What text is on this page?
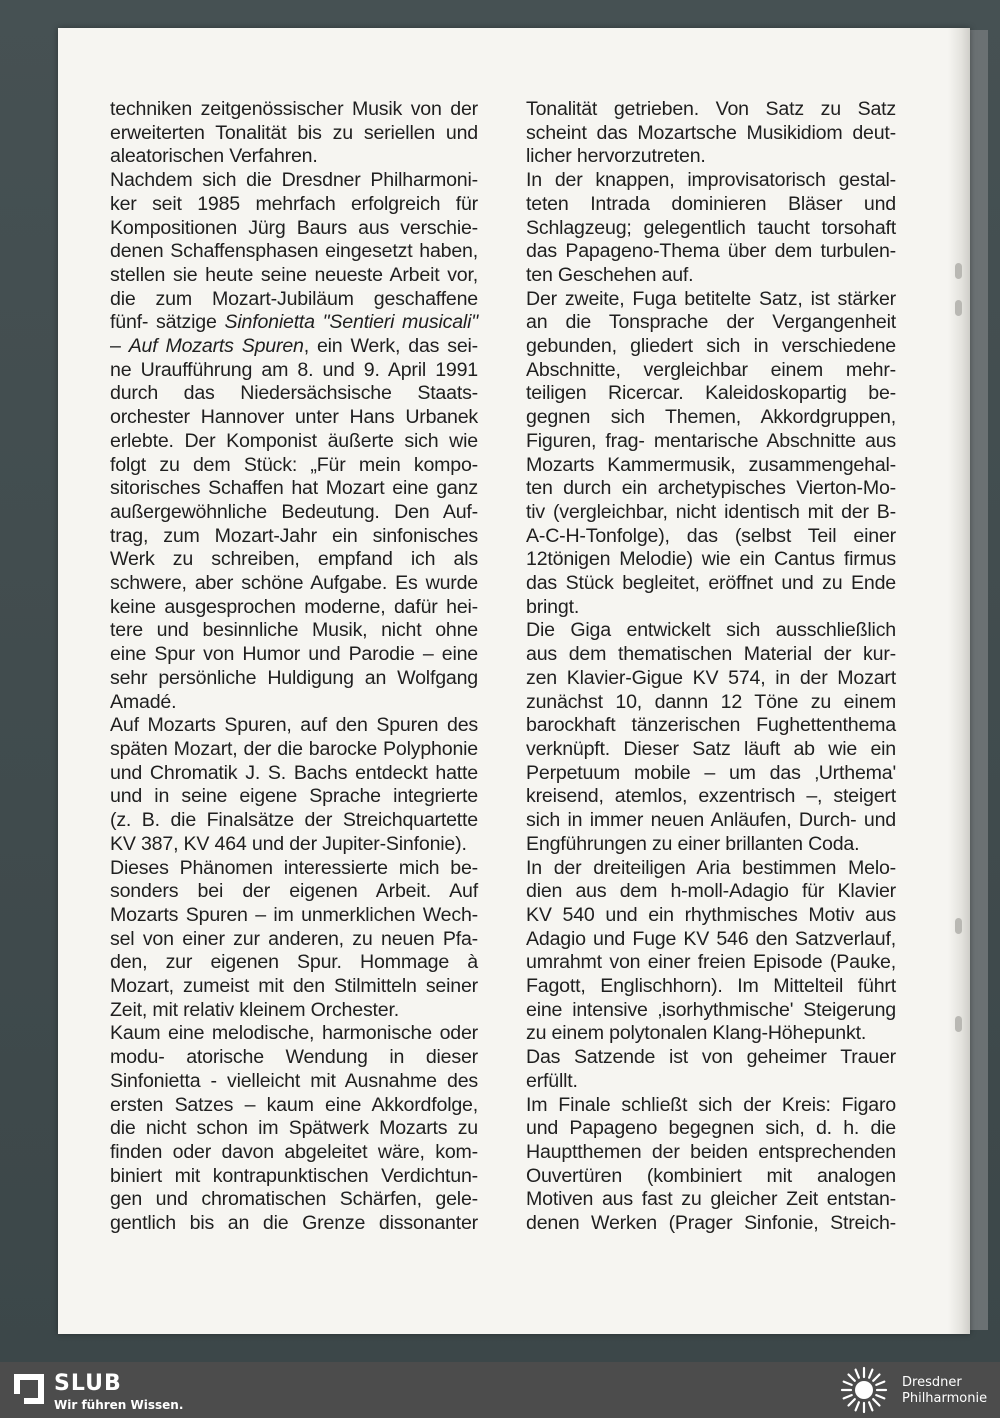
techniken zeitgenössischer Musik von der
erweiterten Tonalität bis zu seriellen und
aleatorischen Verfahren.
Nachdem sich die Dresdner Philharmoni-
ker seit 1985 mehrfach erfolgreich für
Kompositionen Jürg Baurs aus verschie-
denen Schaffensphasen eingesetzt haben,
stellen sie heute seine neueste Arbeit vor,
die zum Mozart-Jubiläum geschaffene
fünf- sätzige Sinfonietta "Sentieri musicali"
– Auf Mozarts Spuren, ein Werk, das sei-
ne Uraufführung am 8. und 9. April 1991
durch das Niedersächsische Staats-
orchester Hannover unter Hans Urbanek
erlebte. Der Komponist äußerte sich wie
folgt zu dem Stück: „Für mein kompo-
sitorisches Schaffen hat Mozart eine ganz
außergewöhnliche Bedeutung. Den Auf-
trag, zum Mozart-Jahr ein sinfonisches
Werk zu schreiben, empfand ich als
schwere, aber schöne Aufgabe. Es wurde
keine ausgesprochen moderne, dafür hei-
tere und besinnliche Musik, nicht ohne
eine Spur von Humor und Parodie – eine
sehr persönliche Huldigung an Wolfgang
Amadé.
Auf Mozarts Spuren, auf den Spuren des
späten Mozart, der die barocke Polyphonie
und Chromatik J. S. Bachs entdeckt hatte
und in seine eigene Sprache integrierte
(z. B. die Finalsätze der Streichquartette
KV 387, KV 464 und der Jupiter-Sinfonie).
Dieses Phänomen interessierte mich be-
sonders bei der eigenen Arbeit. Auf
Mozarts Spuren – im unmerklichen Wech-
sel von einer zur anderen, zu neuen Pfa-
den, zur eigenen Spur. Hommage à
Mozart, zumeist mit den Stilmitteln seiner
Zeit, mit relativ kleinem Orchester.
Kaum eine melodische, harmonische oder
modu- atorische Wendung in dieser
Sinfonietta - vielleicht mit Ausnahme des
ersten Satzes – kaum eine Akkordfolge,
die nicht schon im Spätwerk Mozarts zu
finden oder davon abgeleitet wäre, kom-
biniert mit kontrapunktischen Verdichtun-
gen und chromatischen Schärfen, gele-
gentlich bis an die Grenze dissonanter
Tonalität getrieben. Von Satz zu Satz
scheint das Mozartsche Musikidiom deut-
licher hervorzutreten.
In der knappen, improvisatorisch gestal-
teten Intrada dominieren Bläser und
Schlagzeug; gelegentlich taucht torsohaft
das Papageno-Thema über dem turbulen-
ten Geschehen auf.
Der zweite, Fuga betitelte Satz, ist stärker
an die Tonsprache der Vergangenheit
gebunden, gliedert sich in verschiedene
Abschnitte, vergleichbar einem mehr-
teiligen Ricercar. Kaleidoskopartig be-
gegnen sich Themen, Akkordgruppen,
Figuren, frag- mentarische Abschnitte aus
Mozarts Kammermusik, zusammengehal-
ten durch ein archetypisches Vierton-Mo-
tiv (vergleichbar, nicht identisch mit der B-
A-C-H-Tonfolge), das (selbst Teil einer
12tönigen Melodie) wie ein Cantus firmus
das Stück begleitet, eröffnet und zu Ende
bringt.
Die Giga entwickelt sich ausschließlich
aus dem thematischen Material der kur-
zen Klavier-Gigue KV 574, in der Mozart
zunächst 10, dannn 12 Töne zu einem
barockhaft tänzerischen Fughettenthema
verknüpft. Dieser Satz läuft ab wie ein
Perpetuum mobile – um das ‚Urthema'
kreisend, atemlos, exzentrisch –, steigert
sich in immer neuen Anläufen, Durch- und
Engführungen zu einer brillanten Coda.
In der dreiteiligen Aria bestimmen Melo-
dien aus dem h-moll-Adagio für Klavier
KV 540 und ein rhythmisches Motiv aus
Adagio und Fuge KV 546 den Satzverlauf,
umrahmt von einer freien Episode (Pauke,
Fagott, Englischhorn). Im Mittelteil führt
eine intensive ‚isorhythmische' Steigerung
zu einem polytonalen Klang-Höhepunkt.
Das Satzende ist von geheimer Trauer
erfüllt.
Im Finale schließt sich der Kreis: Figaro
und Papageno begegnen sich, d. h. die
Hauptthemen der beiden entsprechenden
Ouvertüren (kombiniert mit analogen
Motiven aus fast zu gleicher Zeit entstan-
denen Werken (Prager Sinfonie, Streich-
SLUB
Wir führen Wissen.
Dresdner
Philharmonie
